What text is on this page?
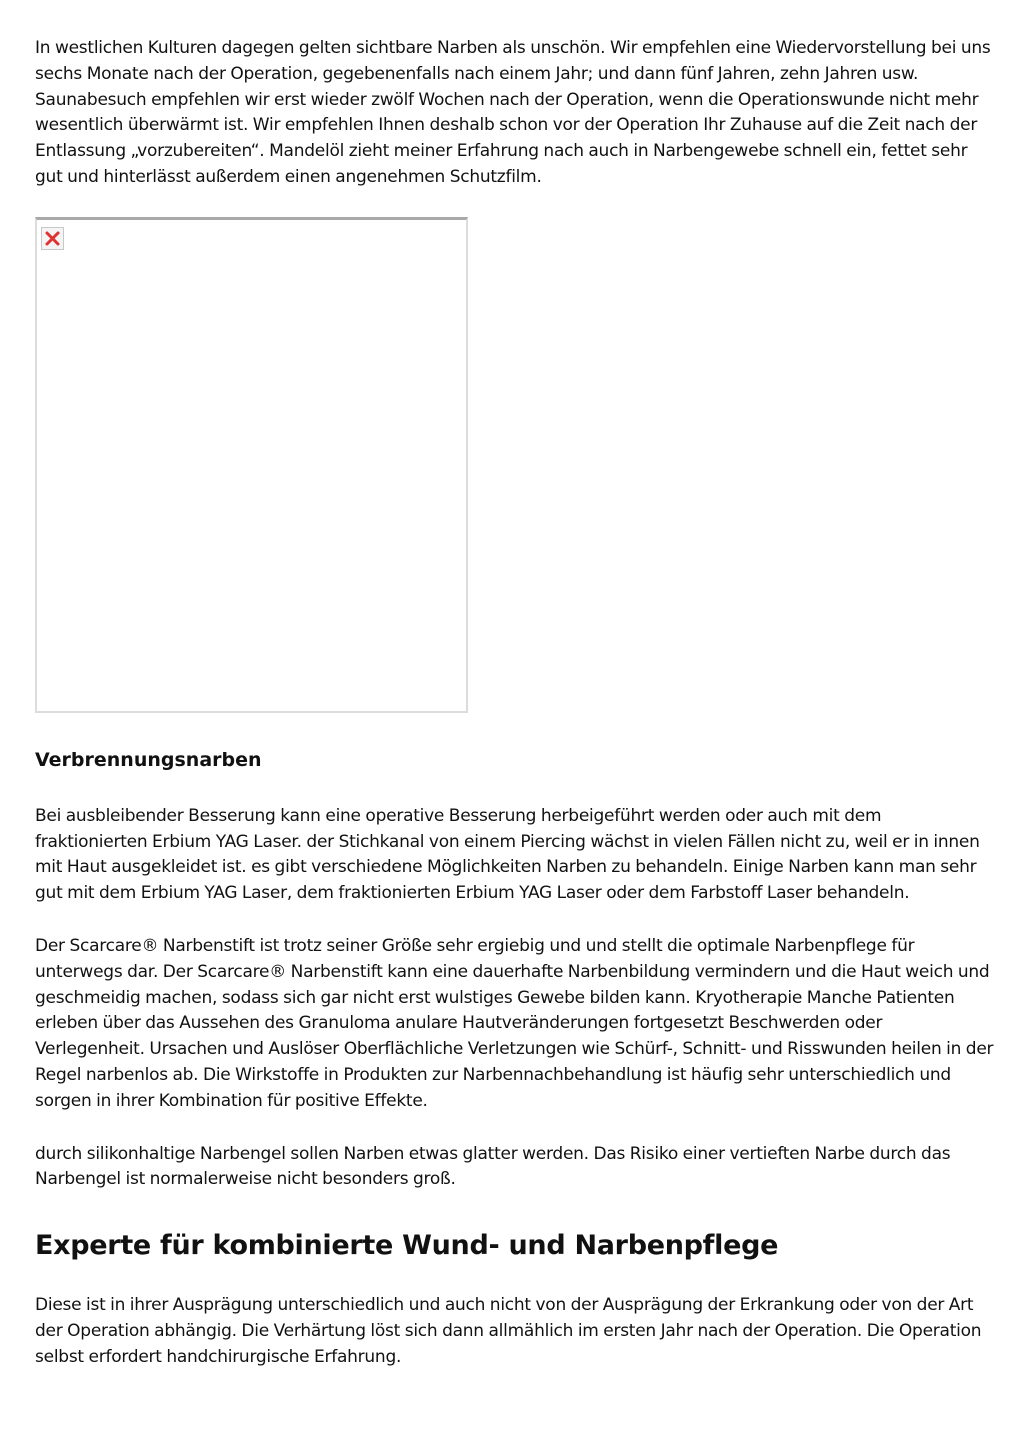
In westlichen Kulturen dagegen gelten sichtbare Narben als unschön. Wir empfehlen eine Wiedervorstellung bei uns sechs Monate nach der Operation, gegebenenfalls nach einem Jahr; und dann fünf Jahren, zehn Jahren usw. Saunabesuch empfehlen wir erst wieder zwölf Wochen nach der Operation, wenn die Operationswunde nicht mehr wesentlich überwärmt ist. Wir empfehlen Ihnen deshalb schon vor der Operation Ihr Zuhause auf die Zeit nach der Entlassung „vorzubereiten“. Mandelöl zieht meiner Erfahrung nach auch in Narbengewebe schnell ein, fettet sehr gut und hinterlässt außerdem einen angenehmen Schutzfilm.

Verbrennungsnarben

Bei ausbleibender Besserung kann eine operative Besserung herbeigeführt werden oder auch mit dem fraktionierten Erbium YAG Laser. der Stichkanal von einem Piercing wächst in vielen Fällen nicht zu, weil er in innen mit Haut ausgekleidet ist. es gibt verschiedene Möglichkeiten Narben zu behandeln. Einige Narben kann man sehr gut mit dem Erbium YAG Laser, dem fraktionierten Erbium YAG Laser oder dem Farbstoff Laser behandeln.

Der Scarcare® Narbenstift ist trotz seiner Größe sehr ergiebig und und stellt die optimale Narbenpflege für unterwegs dar. Der Scarcare® Narbenstift kann eine dauerhafte Narbenbildung vermindern und die Haut weich und geschmeidig machen, sodass sich gar nicht erst wulstiges Gewebe bilden kann. Kryotherapie Manche Patienten erleben über das Aussehen des Granuloma anulare Hautveränderungen fortgesetzt Beschwerden oder Verlegenheit. Ursachen und Auslöser Oberflächliche Verletzungen wie Schürf-, Schnitt- und Risswunden heilen in der Regel narbenlos ab. Die Wirkstoffe in Produkten zur Narbennachbehandlung ist häufig sehr unterschiedlich und sorgen in ihrer Kombination für positive Effekte.

durch silikonhaltige Narbengel sollen Narben etwas glatter werden. Das Risiko einer vertieften Narbe durch das Narbengel ist normalerweise nicht besonders groß.

Experte für kombinierte Wund- und Narbenpflege

Diese ist in ihrer Ausprägung unterschiedlich und auch nicht von der Ausprägung der Erkrankung oder von der Art der Operation abhängig. Die Verhärtung löst sich dann allmählich im ersten Jahr nach der Operation. Die Operation selbst erfordert handchirurgische Erfahrung.
